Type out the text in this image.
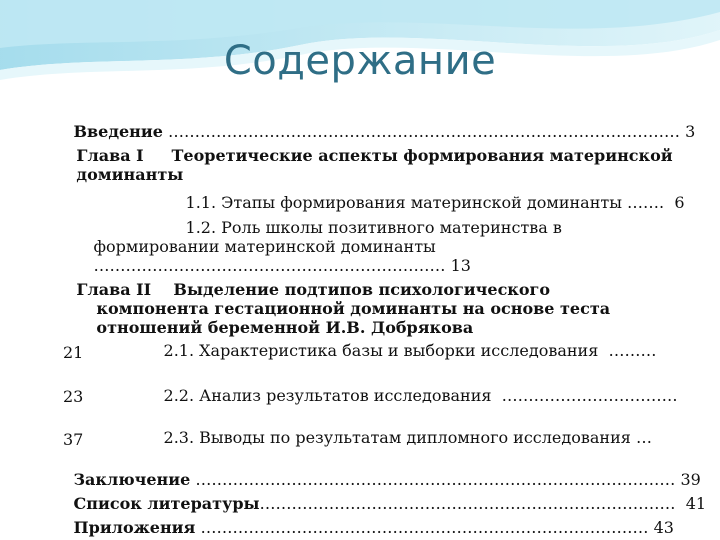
Содержание

Введение …………………………………………………………………………………… 3

Глава I Теоретические аспекты формирования материнской

доминанты

1.1. Этапы формирования материнской доминанты ……. 6

1.2. Роль школы позитивного материнства в

формировании материнской доминанты

………………………………………………………… 13

Глава II Выделение подтипов психологического

компонента гестационной доминанты на основе теста

отношений беременной И.В. Добрякова

2.1. Характеристика базы и выборки исследования ………

21

2.2. Анализ результатов исследования ……………………………

23

2.3. Выводы по результатам дипломного исследования …

37

Заключение ……………………………………………………………………………… 39

Список литературы…………………………………………………………………… 41

Приложения ………………………………………………………………………… 43
